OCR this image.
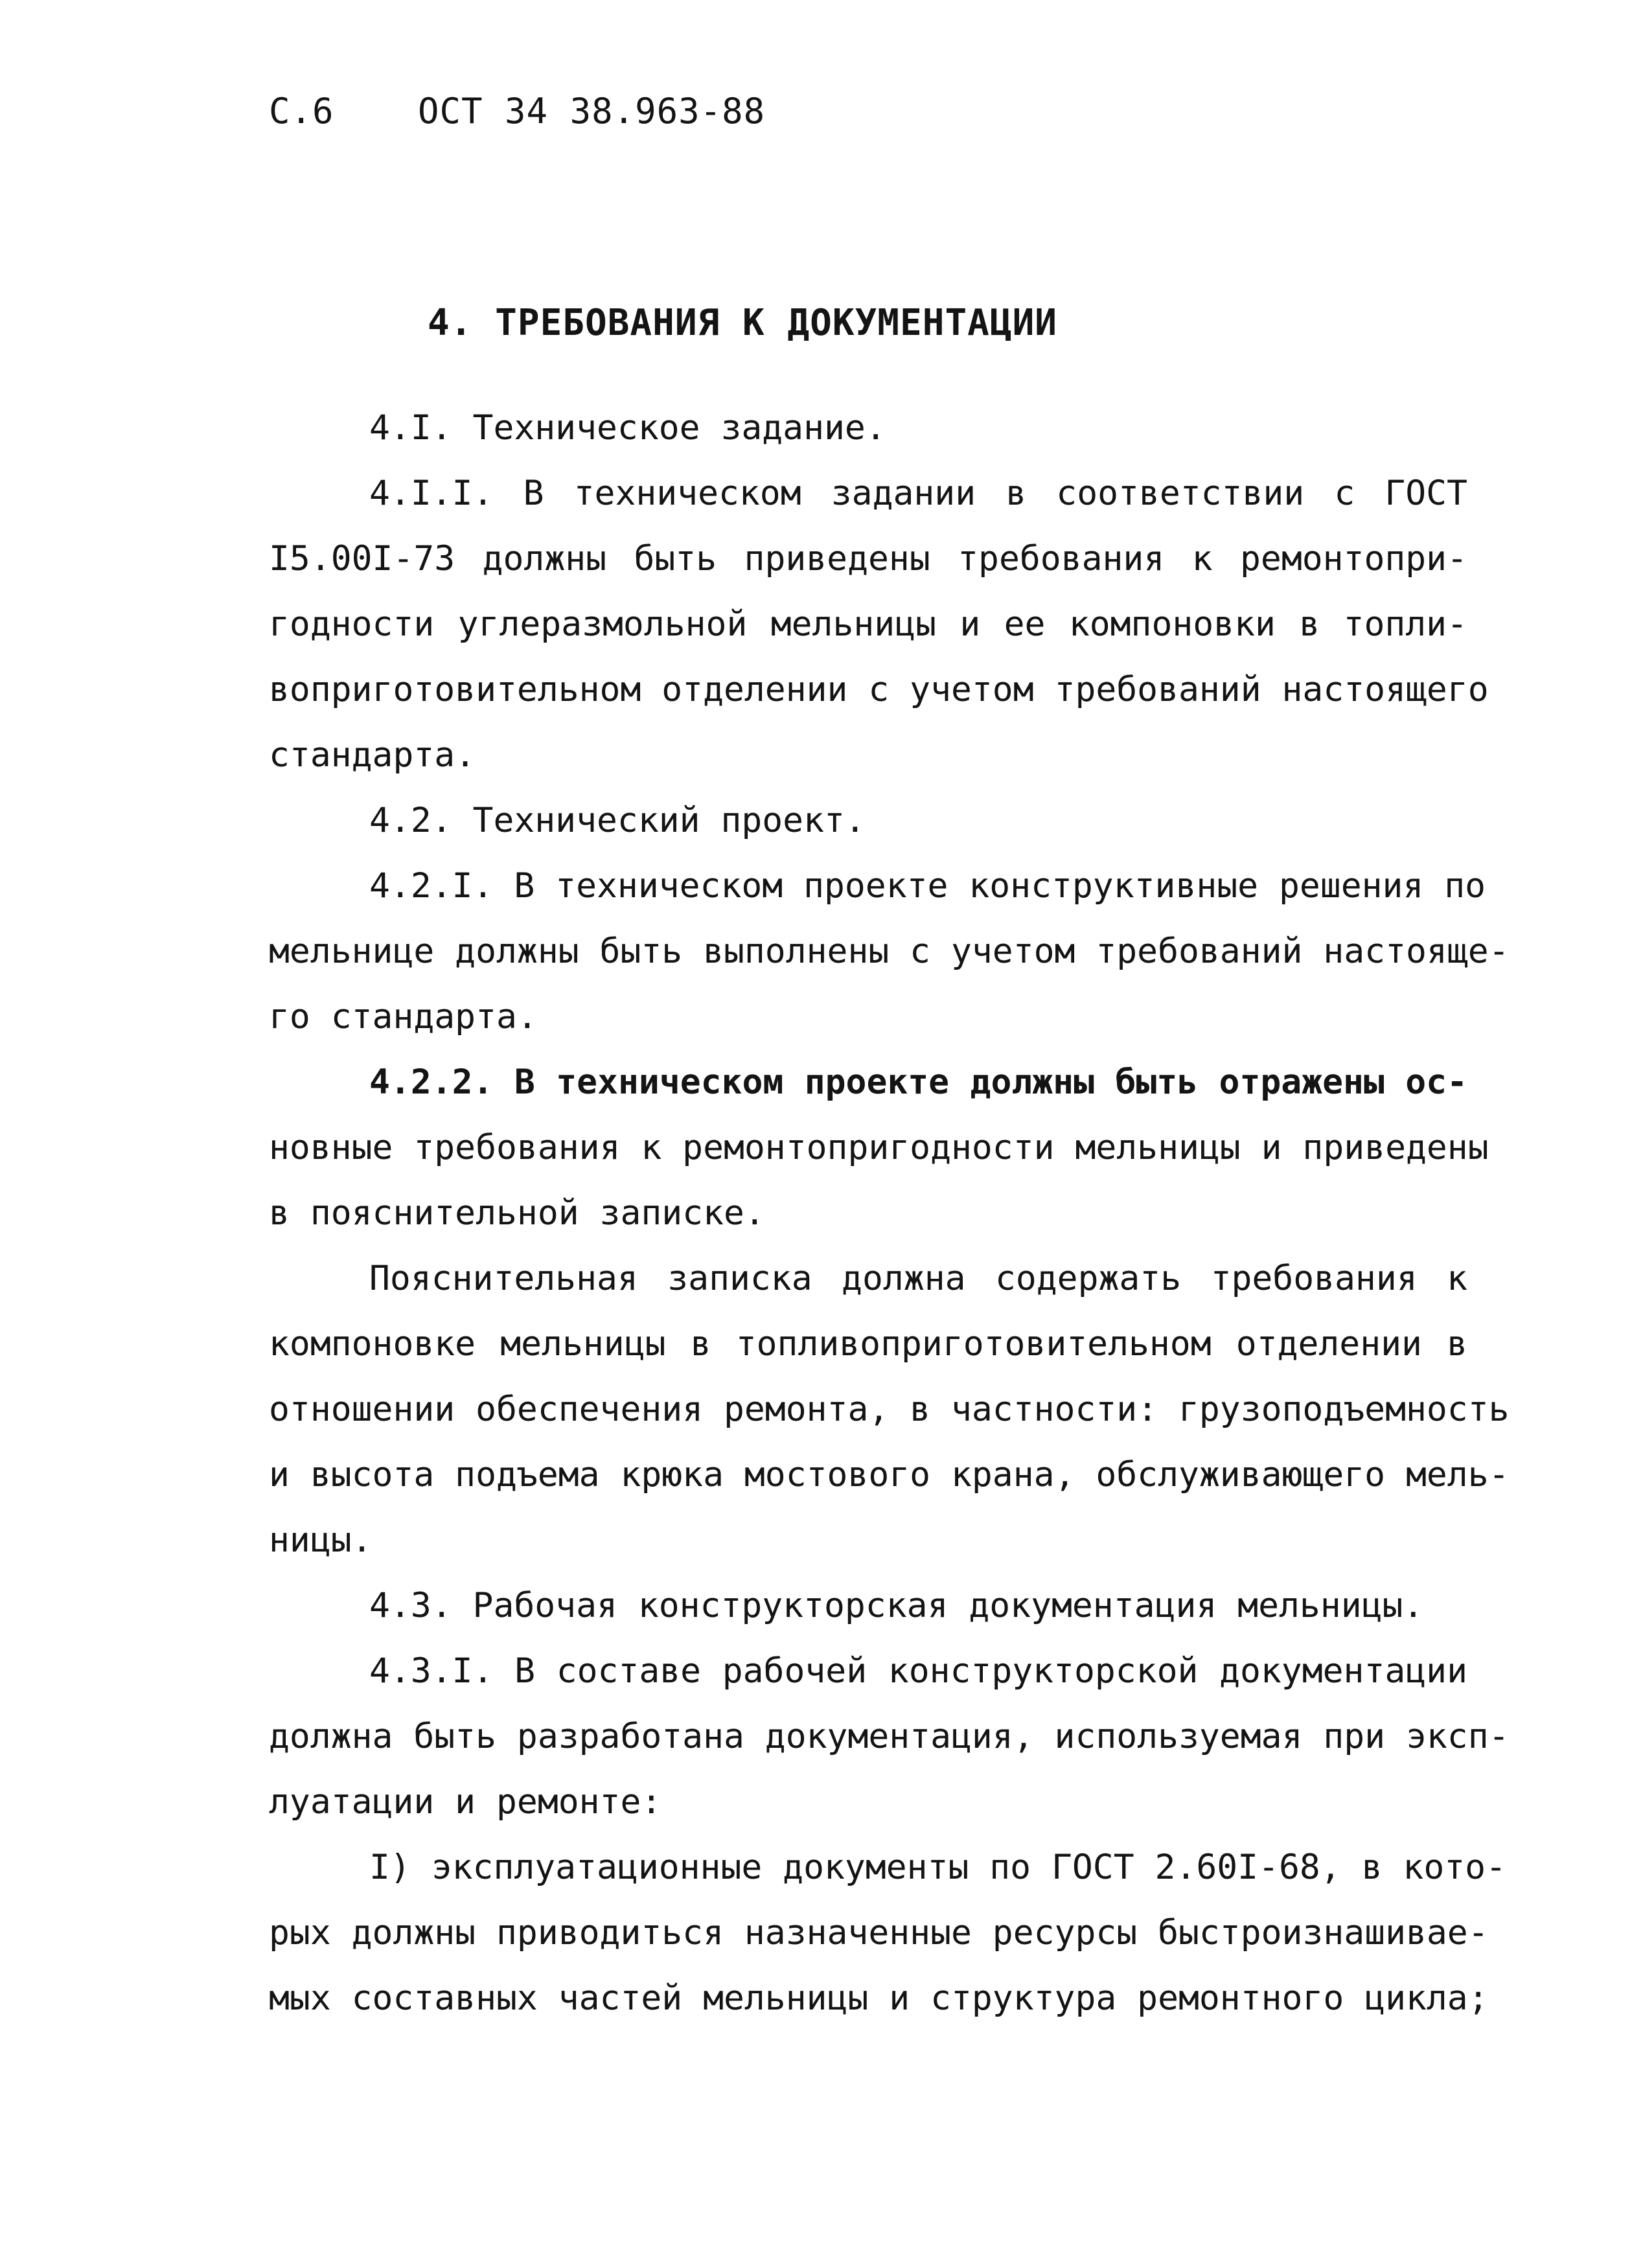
С.6 ОСТ 34 38.963-88
4. ТРЕБОВАНИЯ К ДОКУМЕНТАЦИИ
4.I. Техническое задание.
4.I.I. В техническом задании в соответствии с ГОСТ
I5.00I-73 должны быть приведены требования к ремонтопри-
годности углеразмольной мельницы и ее компоновки в топли-
воприготовительном отделении с учетом требований настоящего
стандарта.
4.2. Технический проект.
4.2.I. В техническом проекте конструктивные решения по
мельнице должны быть выполнены с учетом требований настояще-
го стандарта.
4.2.2. В техническом проекте должны быть отражены ос-
новные требования к ремонтопригодности мельницы и приведены
в пояснительной записке.
Пояснительная записка должна содержать требования к
компоновке мельницы в топливоприготовительном отделении в
отношении обеспечения ремонта, в частности: грузоподъемность
и высота подъема крюка мостового крана, обслуживающего мель-
ницы.
4.3. Рабочая конструкторская документация мельницы.
4.3.I. В составе рабочей конструкторской документации
должна быть разработана документация, используемая при эксп-
луатации и ремонте:
I) эксплуатационные документы по ГОСТ 2.60I-68, в кото-
рых должны приводиться назначенные ресурсы быстроизнашивае-
мых составных частей мельницы и структура ремонтного цикла;
